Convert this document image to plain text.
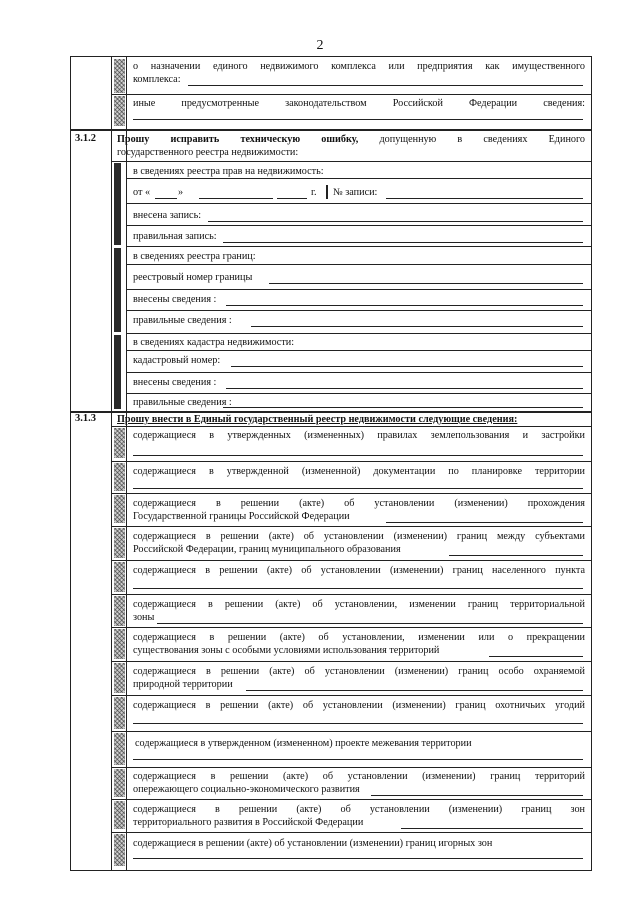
2
о назначении единого недвижимого комплекса или предприятия как имущественного
комплекса:
иные предусмотренные законодательством Российской Федерации сведения:
3.1.2 Прошу исправить техническую ошибку, допущенную в сведениях Единого
государственного реестра недвижимости:
в сведениях реестра прав на недвижимость:
от «	»	г. № записи:
внесена запись:
правильная запись:
в сведениях реестра границ:
реестровый номер границы
внесены сведения :
правильные сведения :
в сведениях кадастра недвижимости:
кадастровый номер:
внесены сведения :
правильные сведения :
3.1.3 Прошу внести в Единый государственный реестр недвижимости следующие сведения:
содержащиеся в утвержденных (измененных) правилах землепользования и застройки
содержащиеся в утвержденной (измененной) документации по планировке территории
содержащиеся в решении (акте) об установлении (изменении) прохождения
Государственной границы Российской Федерации
содержащиеся в решении (акте) об установлении (изменении) границ между субъектами
Российской Федерации, границ муниципального образования
содержащиеся в решении (акте) об установлении (изменении) границ населенного пункта
содержащиеся в решении (акте) об установлении, изменении границ территориальной
зоны
содержащиеся в решении (акте) об установлении, изменении или о прекращении
существования зоны с особыми условиями использования территорий
содержащиеся в решении (акте) об установлении (изменении) границ особо охраняемой
природной территории
содержащиеся в решении (акте) об установлении (изменении) границ охотничьих угодий
содержащиеся в утвержденном (измененном) проекте межевания территории
содержащиеся в решении (акте) об установлении (изменении) границ территорий
опережающего социально-экономического развития
содержащиеся в решении (акте) об установлении (изменении) границ зон
территориального развития в Российской Федерации
содержащиеся в решении (акте) об установлении (изменении) границ игорных зон
